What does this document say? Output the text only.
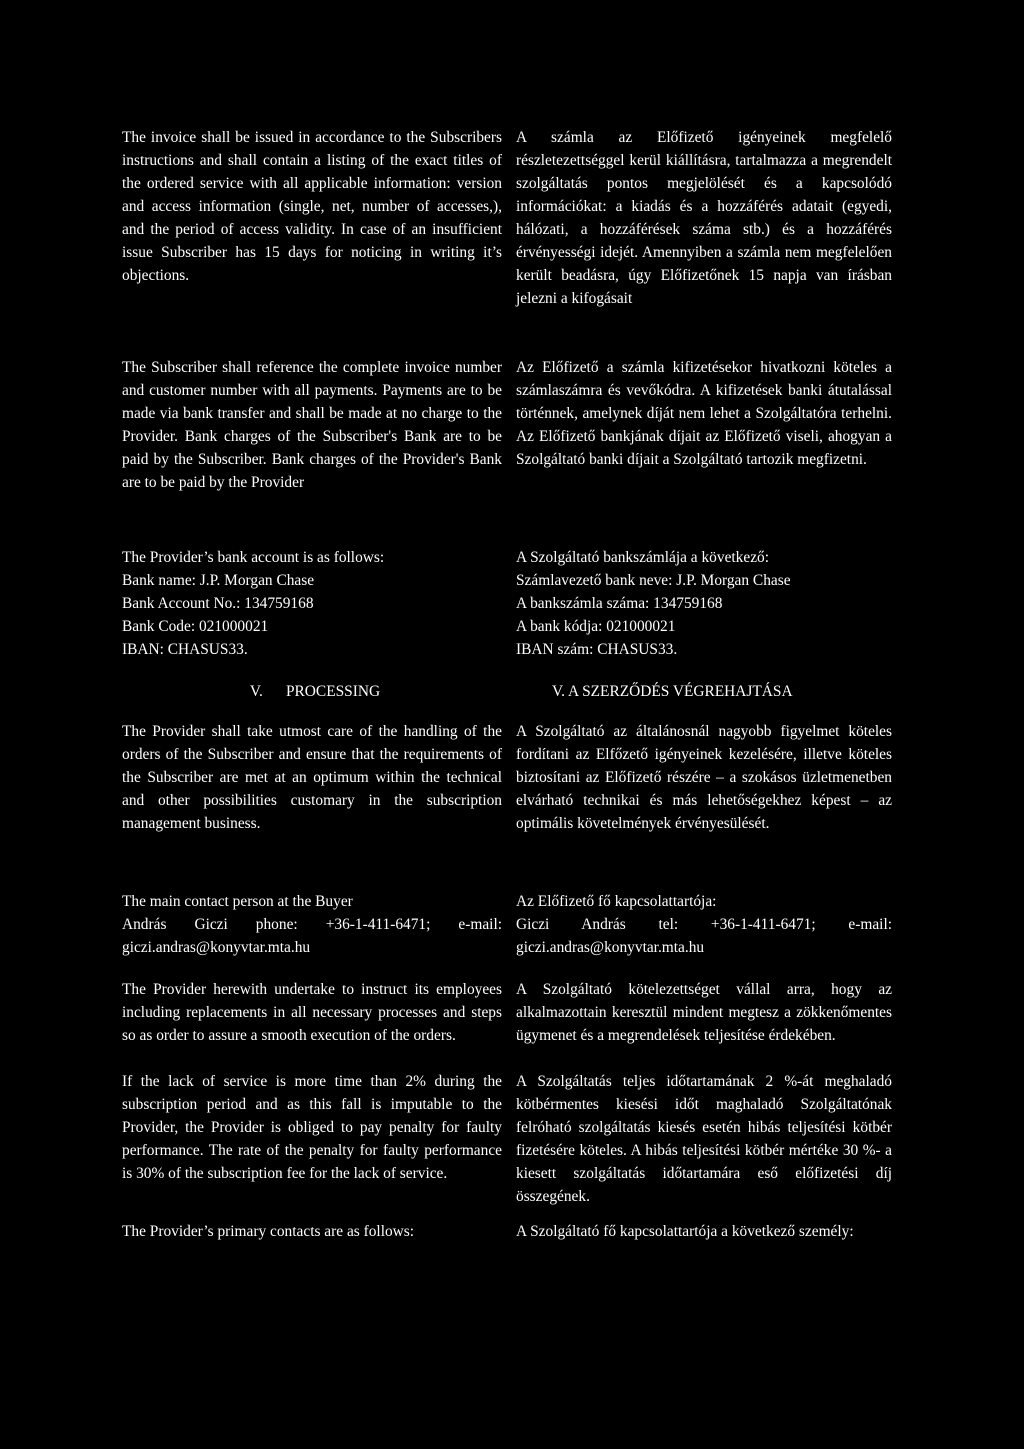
The invoice shall be issued in accordance to the Subscribers instructions and shall contain a listing of the exact titles of the ordered service with all applicable information: version and access information (single, net, number of accesses,), and the period of access validity. In case of an insufficient issue Subscriber has 15 days for noticing in writing it’s objections.

The Subscriber shall reference the complete invoice number and customer number with all payments. Payments are to be made via bank transfer and shall be made at no charge to the Provider. Bank charges of the Subscriber's Bank are to be paid by the Subscriber. Bank charges of the Provider's Bank are to be paid by the Provider

The Provider’s bank account is as follows:
Bank name: J.P. Morgan Chase
Bank Account No.: 134759168
Bank Code: 021000021
IBAN: CHASUS33.
V.      PROCESSING

The Provider shall take utmost care of the handling of the orders of the Subscriber and ensure that the requirements of the Subscriber are met at an optimum within the technical and other possibilities customary in the subscription management business.

The main contact person at the Buyer
András Giczi phone: +36-1-411-6471; e-mail: giczi.andras@konyvtar.mta.hu

The Provider herewith undertake to instruct its employees including replacements in all necessary processes and steps so as order to assure a smooth execution of the orders.

If the lack of service is more time than 2% during the subscription period and as this fall is imputable to the Provider, the Provider is obliged to pay penalty for faulty performance. The rate of the penalty for faulty performance is 30% of the subscription fee for the lack of service.

The Provider’s primary contacts are as follows:

A számla az Előfizető igényeinek megfelelő részletezettséggel kerül kiállításra, tartalmazza a megrendelt szolgáltatás pontos megjelölését és a kapcsolódó információkat: a kiadás és a hozzáférés adatait (egyedi, hálózati, a hozzáférések száma stb.) és a hozzáférés érvényességi idejét. Amennyiben a számla nem megfelelően került beadásra, úgy Előfizetőnek 15 napja van írásban jelezni a kifogásait

Az Előfizető a számla kifizetésekor hivatkozni köteles a számlaszámra és vevőkódra. A kifizetések banki átutalással történnek, amelynek díját nem lehet a Szolgáltatóra terhelni. Az Előfizető bankjának díjait az Előfizető viseli, ahogyan a Szolgáltató banki díjait a Szolgáltató tartozik megfizetni.

A Szolgáltató bankszámlája a következő:
Számlavezető bank neve: J.P. Morgan Chase
A bankszámla száma: 134759168
A bank kódja: 021000021
IBAN szám: CHASUS33.
V. A SZERZŐDÉS VÉGREHAJTÁSA

A Szolgáltató az általánosnál nagyobb figyelmet köteles fordítani az Elfőzető igényeinek kezelésére, illetve köteles biztosítani az Előfizető részére – a szokásos üzletmenetben elvárható technikai és más lehetőségekhez képest – az optimális követelmények érvényesülését.

Az Előfizető fő kapcsolattartója:
Giczi András tel: +36-1-411-6471; e-mail: giczi.andras@konyvtar.mta.hu

A Szolgáltató kötelezettséget vállal arra, hogy az alkalmazottain keresztül mindent megtesz a zökkenőmentes ügymenet és a megrendelések teljesítése érdekében.

A Szolgáltatás teljes időtartamának 2 %-át meghaladó kötbérmentes kiesési időt maghaladó Szolgáltatónak felróható szolgáltatás kiesés esetén hibás teljesítési kötbér fizetésére köteles. A hibás teljesítési kötbér mértéke 30 %- a kiesett szolgáltatás időtartamára eső előfizetési díj összegének.

A Szolgáltató fő kapcsolattartója a következő személy:
